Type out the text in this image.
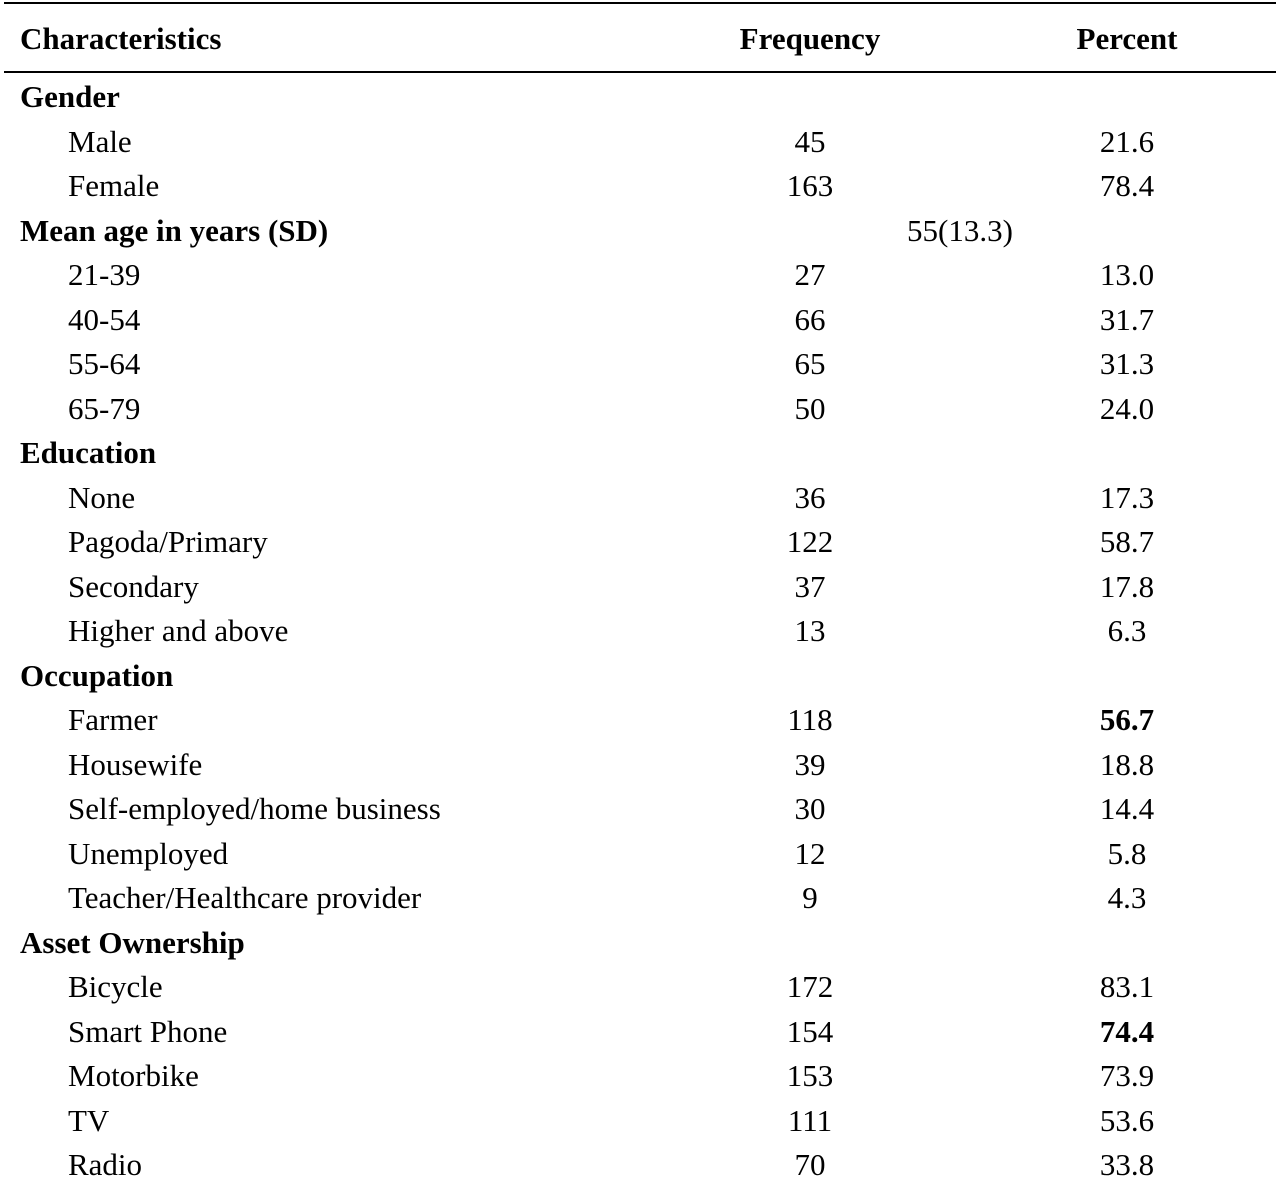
Characteristics	Frequency	Percent
Gender
Male	45	21.6
Female	163	78.4
Mean age in years (SD)	55(13.3)
21-39	27	13.0
40-54	66	31.7
55-64	65	31.3
65-79	50	24.0
Education
None	36	17.3
Pagoda/Primary	122	58.7
Secondary	37	17.8
Higher and above	13	6.3
Occupation
Farmer	118	56.7
Housewife	39	18.8
Self-employed/home business	30	14.4
Unemployed	12	5.8
Teacher/Healthcare provider	9	4.3
Asset Ownership
Bicycle	172	83.1
Smart Phone	154	74.4
Motorbike	153	73.9
TV	111	53.6
Radio	70	33.8
